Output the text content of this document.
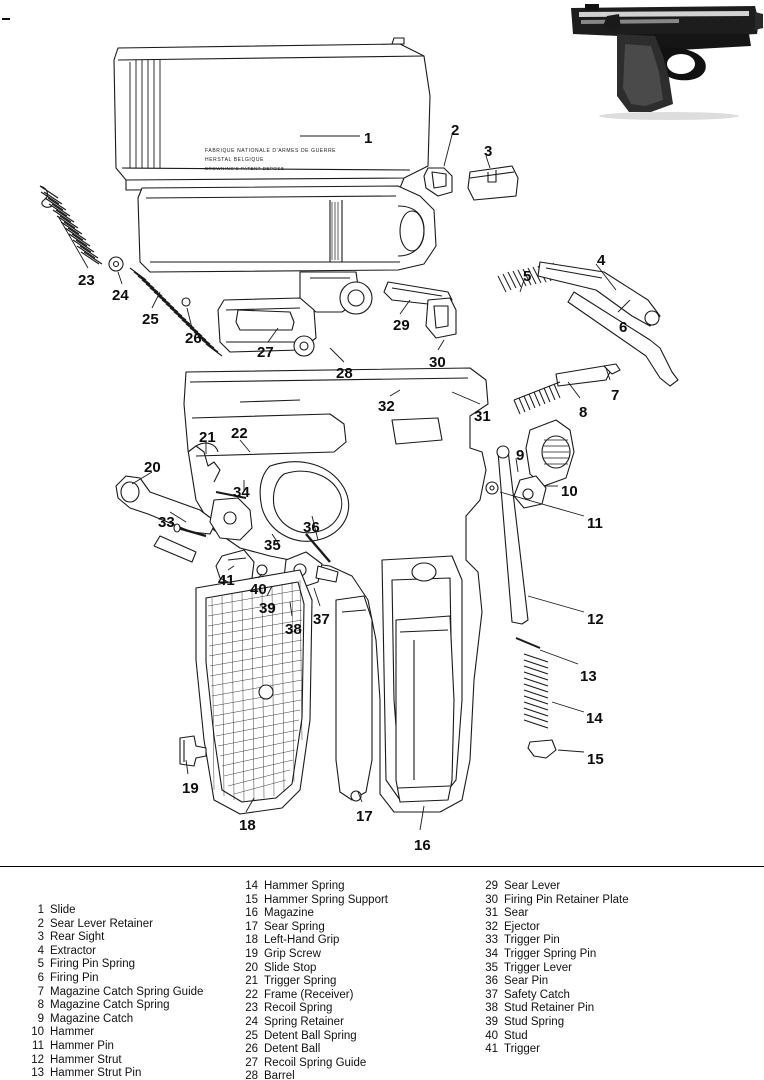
FABRIQUE NATIONALE D'ARMES DE GUERRE
HERSTAL BELGIQUE
BROWNING'S PATENT DEPOSE
1	2
3
4
5
6
7
8
9
10
11
12
13
14
15
16
17
18
19
20
21 22
23
24
25
26
27
28
29
30
31
32
33
34
35
36
37
38
39
40
41
1 Slide
2 Sear Lever Retainer
3 Rear Sight
4 Extractor
5 Firing Pin Spring
6 Firing Pin
7 Magazine Catch Spring Guide
8 Magazine Catch Spring
9 Magazine Catch
10 Hammer
11 Hammer Pin
12 Hammer Strut
13 Hammer Strut Pin
14 Hammer Spring
15 Hammer Spring Support
16 Magazine
17 Sear Spring
18 Left-Hand Grip
19 Grip Screw
20 Slide Stop
21 Trigger Spring
22 Frame (Receiver)
23 Recoil Spring
24 Spring Retainer
25 Detent Ball Spring
26 Detent Ball
27 Recoil Spring Guide
28 Barrel
29 Sear Lever
30 Firing Pin Retainer Plate
31 Sear
32 Ejector
33 Trigger Pin
34 Trigger Spring Pin
35 Trigger Lever
36 Sear Pin
37 Safety Catch
38 Stud Retainer Pin
39 Stud Spring
40 Stud
41 Trigger
